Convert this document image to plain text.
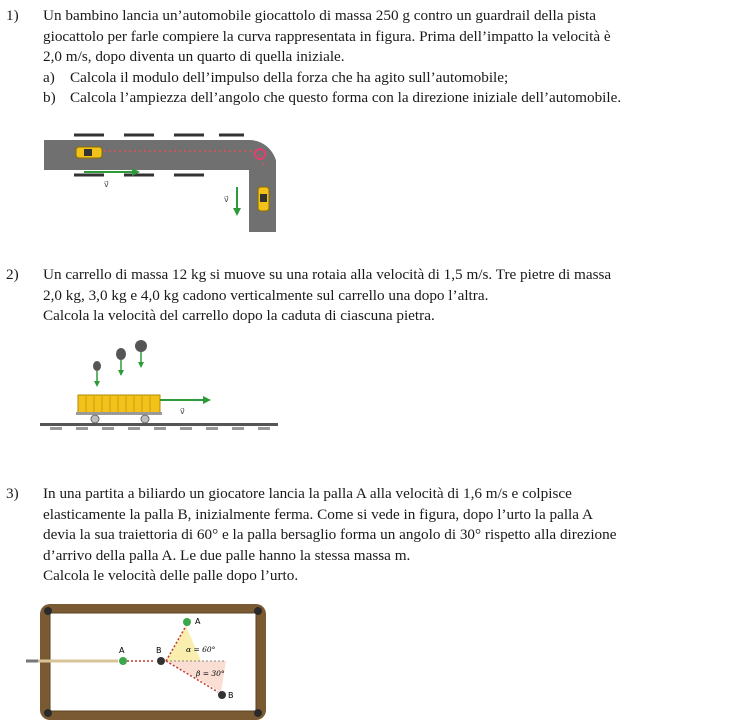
1) Un bambino lancia un’automobile giocattolo di massa 250 g contro un guardrail della pista
giocattolo per farle compiere la curva rappresentata in figura. Prima dell’impatto la velocità è
2,0 m/s, dopo diventa un quarto di quella iniziale.
a) Calcola il modulo dell’impulso della forza che ha agito sull’automobile;
b) Calcola l’ampiezza dell’angolo che questo forma con la direzione iniziale dell’automobile.
v⃗
v⃗
2) Un carrello di massa 12 kg si muove su una rotaia alla velocità di 1,5 m/s. Tre pietre di massa
2,0 kg, 3,0 kg e 4,0 kg cadono verticalmente sul carrello una dopo l’altra.
Calcola la velocità del carrello dopo la caduta di ciascuna pietra.
v⃗
3) In una partita a biliardo un giocatore lancia la palla A alla velocità di 1,6 m/s e colpisce
elasticamente la palla B, inizialmente ferma. Come si vede in figura, dopo l’urto la palla A
devia la sua traiettoria di 60° e la palla bersaglio forma un angolo di 30° rispetto alla direzione
d’arrivo della palla A. Le due palle hanno la stessa massa m.
Calcola le velocità delle palle dopo l’urto.
A	B
A
B
α = 60°
β = 30°
